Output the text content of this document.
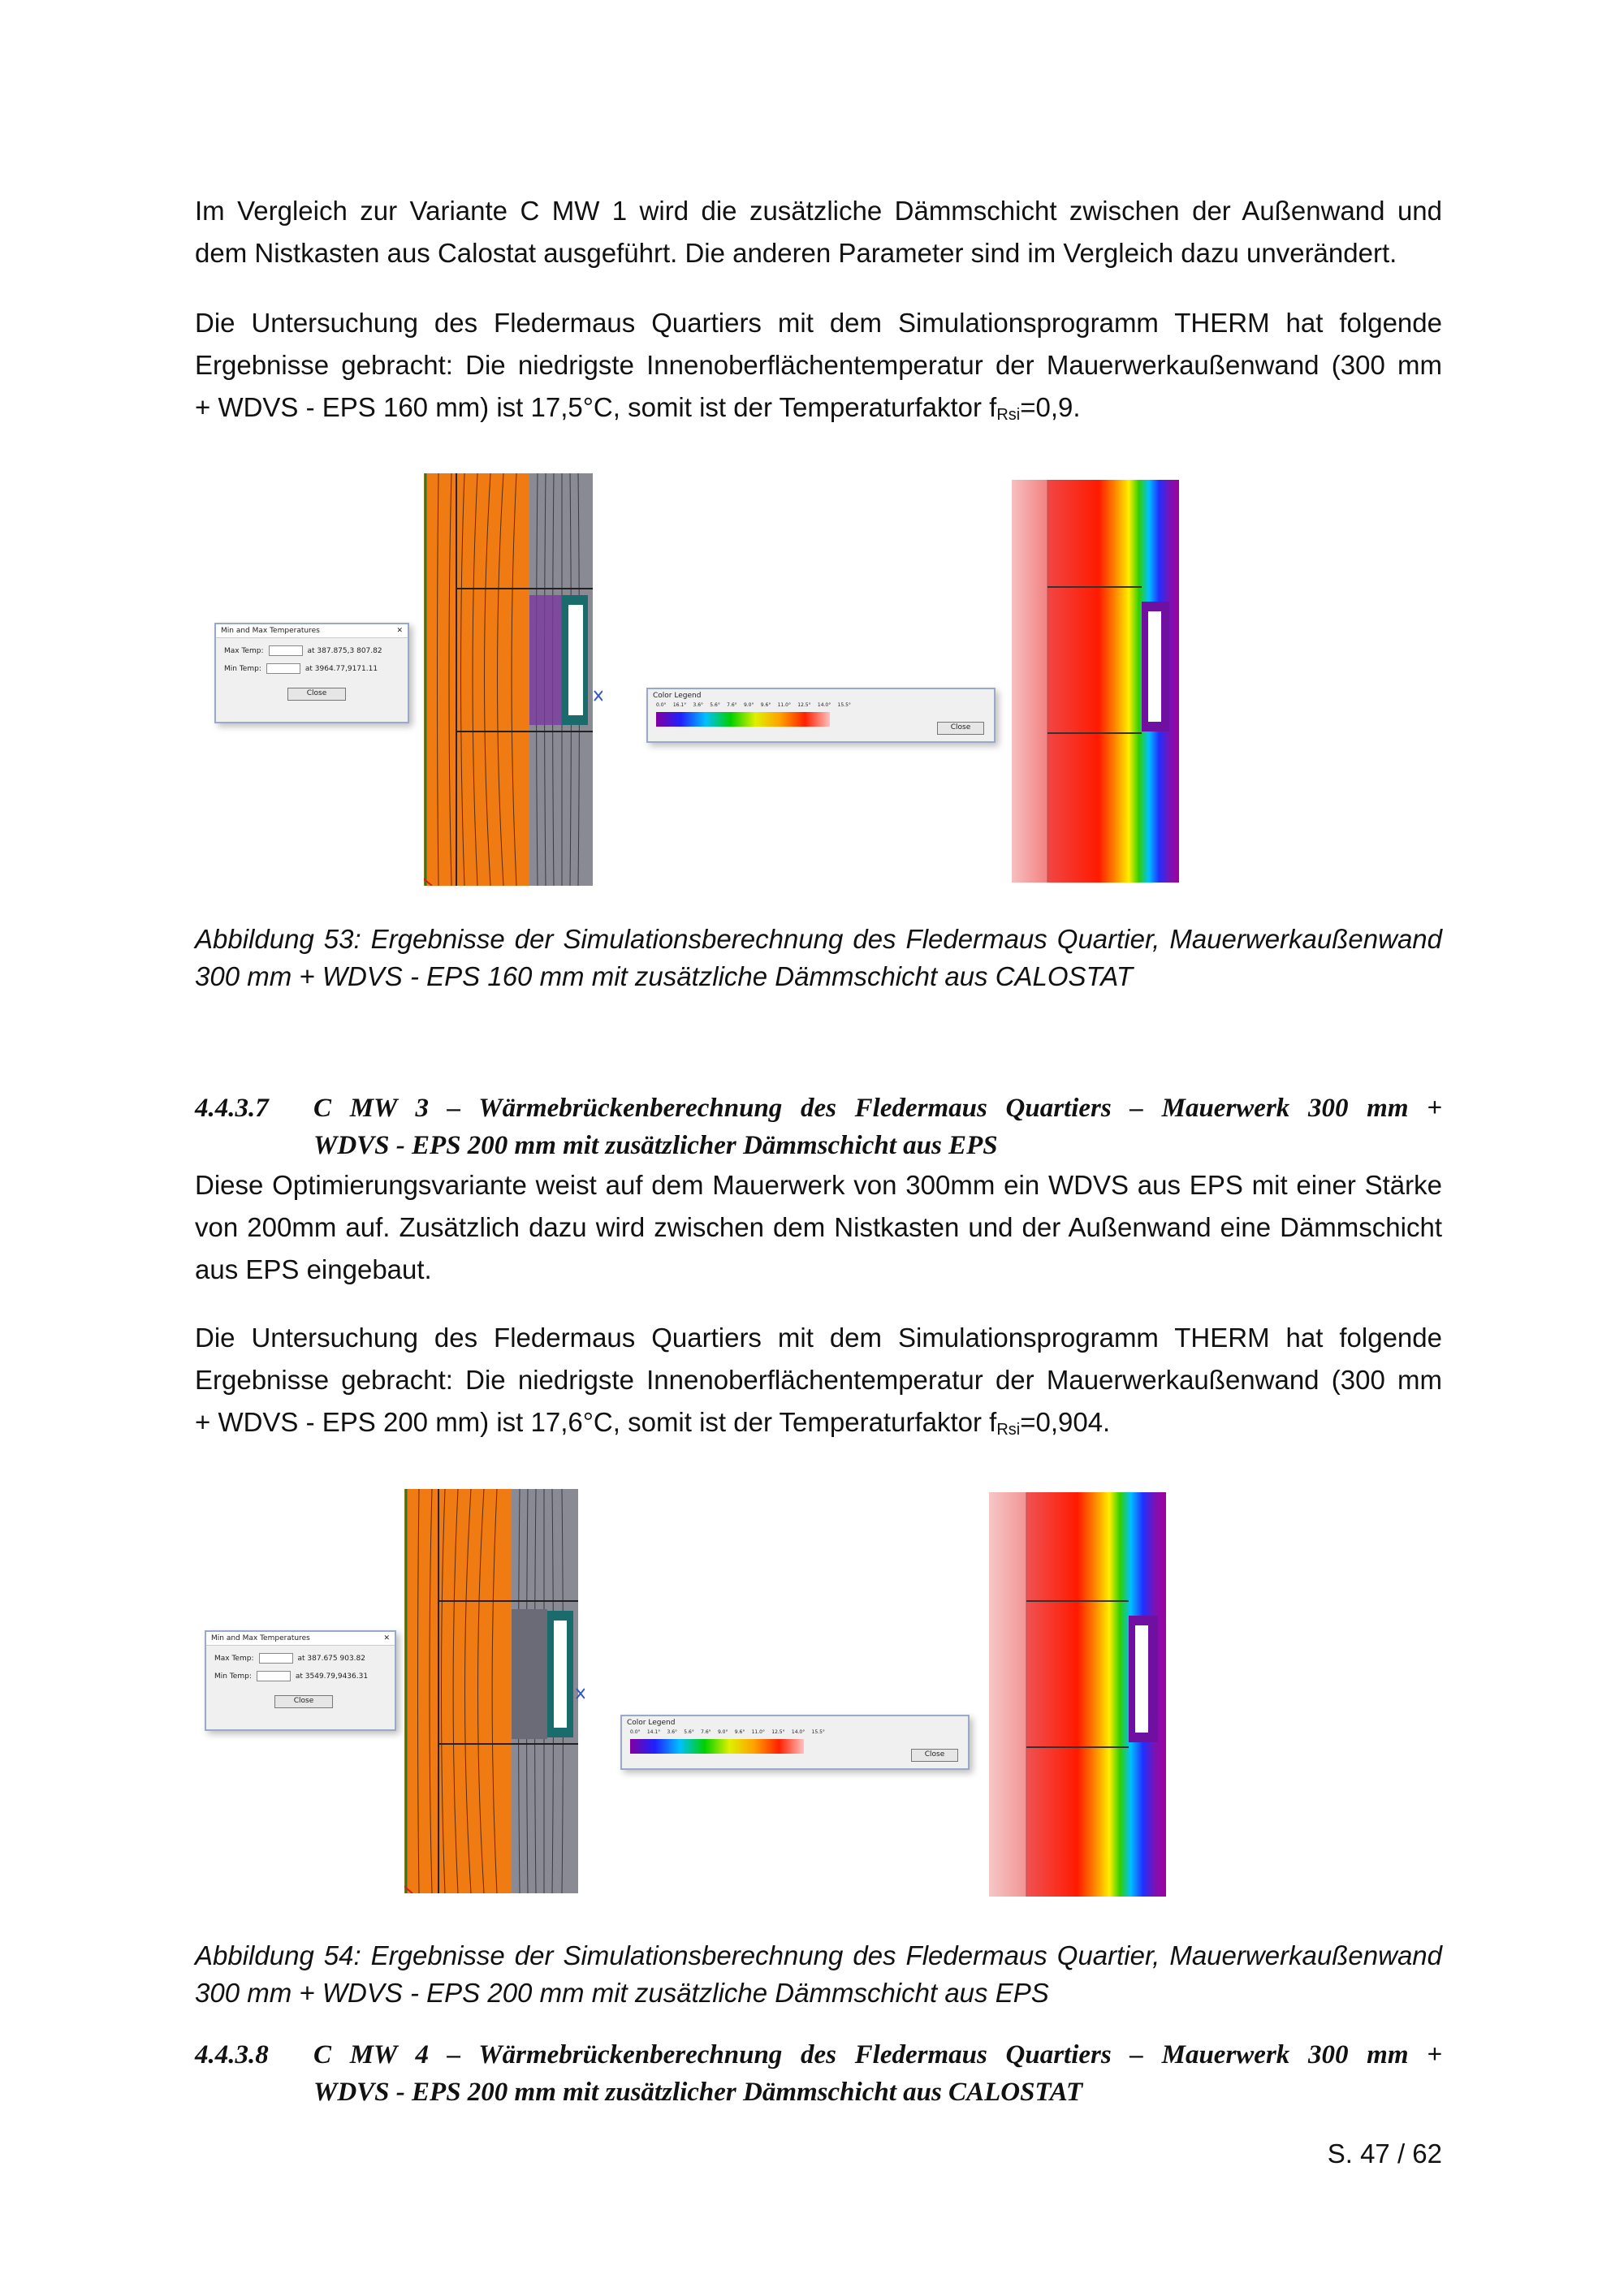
Im Vergleich zur Variante C MW 1 wird die zusätzliche Dämmschicht zwischen der Außenwand und
dem Nistkasten aus Calostat ausgeführt. Die anderen Parameter sind im Vergleich dazu unverändert.
Die Untersuchung des Fledermaus Quartiers mit dem Simulationsprogramm THERM hat folgende
Ergebnisse gebracht: Die niedrigste Innenoberflächentemperatur der Mauerwerkaußenwand (300 mm
+ WDVS - EPS 160 mm) ist 17,5°C, somit ist der Temperaturfaktor $f_{Rsi}=0,9$.
Min and Max Temperatures	✕
Max Temp:	at 387.875,3 807.82
Min Temp:	at 3964.77,9171.11
Close	Color Legend
0.0° 16.1° 3.6° 5.6° 7.6° 9.0° 9.6° 11.0° 12.5° 14.0° 15.5°
Close
Abbildung 53: Ergebnisse der Simulationsberechnung des Fledermaus Quartier, Mauerwerkaußenwand
300 mm + WDVS - EPS 160 mm mit zusätzliche Dämmschicht aus CALOSTAT
4.4.3.7 C MW 3 – Wärmebrückenberechnung des Fledermaus Quartiers – Mauerwerk 300 mm +
WDVS - EPS 200 mm mit zusätzlicher Dämmschicht aus EPS
Diese Optimierungsvariante weist auf dem Mauerwerk von 300mm ein WDVS aus EPS mit einer Stärke
von 200mm auf. Zusätzlich dazu wird zwischen dem Nistkasten und der Außenwand eine Dämmschicht
aus EPS eingebaut.
Die Untersuchung des Fledermaus Quartiers mit dem Simulationsprogramm THERM hat folgende
Ergebnisse gebracht: Die niedrigste Innenoberflächentemperatur der Mauerwerkaußenwand (300 mm
+ WDVS - EPS 200 mm) ist 17,6°C, somit ist der Temperaturfaktor $f_{Rsi}=0,904$.
Min and Max Temperatures	✕
Max Temp:	at 387.675 903.82
Min Temp:	at 3549.79,9436.31
Close
Color Legend
0.0° 14.1° 3.6° 5.6° 7.6° 9.0° 9.6° 11.0° 12.5° 14.0° 15.5°
Close
Abbildung 54: Ergebnisse der Simulationsberechnung des Fledermaus Quartier, Mauerwerkaußenwand
300 mm + WDVS - EPS 200 mm mit zusätzliche Dämmschicht aus EPS
4.4.3.8 C MW 4 – Wärmebrückenberechnung des Fledermaus Quartiers – Mauerwerk 300 mm +
WDVS - EPS 200 mm mit zusätzlicher Dämmschicht aus CALOSTAT
S. 47 / 62
